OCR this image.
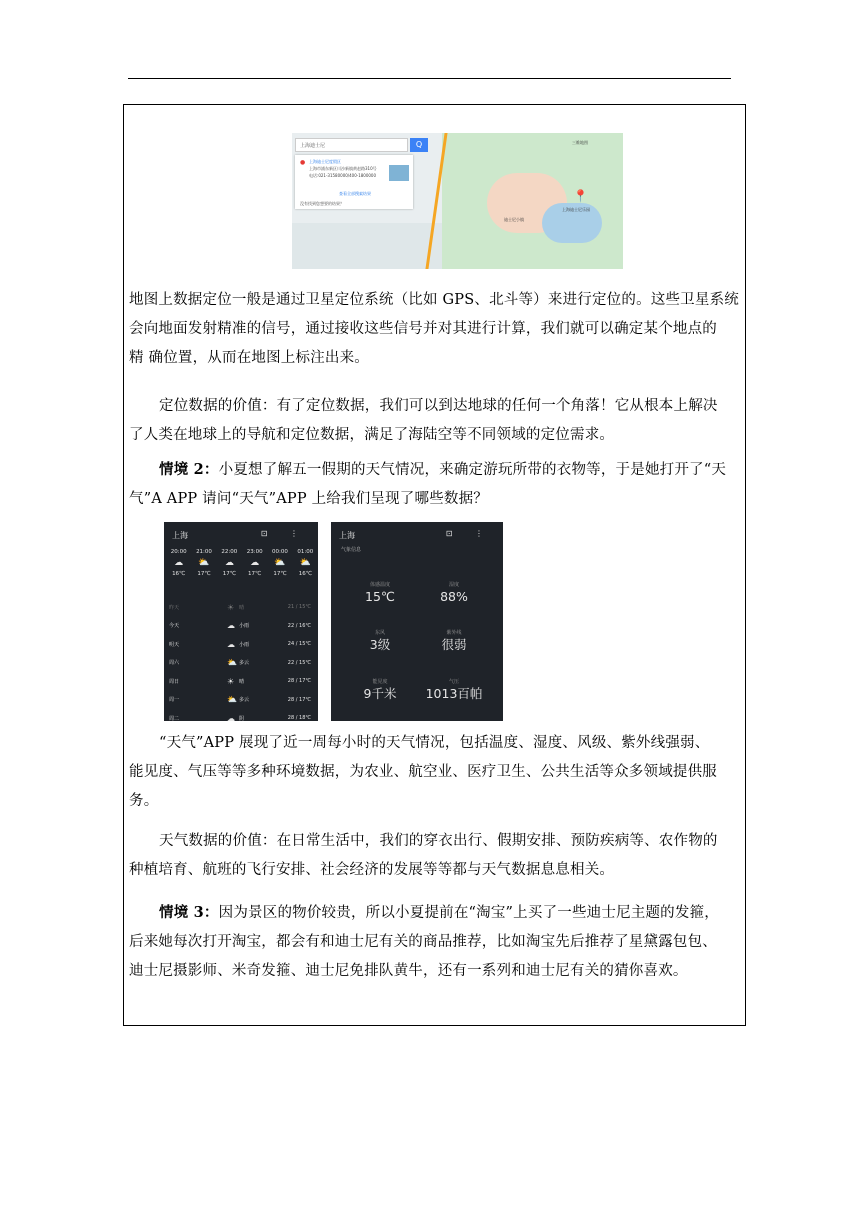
上海迪士尼	Q
● 上海迪士尼度假区
上海市浦东新区川沙新镇黄赵路310号
电话:021-31580000/400-1800000
查看全部搜索结果
没有找到您想要的结果？
三维地图
📍
上海迪士尼乐园
迪士尼小镇
地图上数据定位一般是通过卫星定位系统（比如 GPS、北斗等）来进行定位的。这些卫星系统
会向地面发射精准的信号，通过接收这些信号并对其进行计算，我们就可以确定某个地点的
精 确位置，从而在地图上标注出来。
定位数据的价值：有了定位数据，我们可以到达地球的任何一个角落！它从根本上解决
了人类在地球上的导航和定位数据，满足了海陆空等不同领域的定位需求。
情境 2：小夏想了解五一假期的天气情况，来确定游玩所带的衣物等，于是她打开了“天
气”A APP 请问“天气”APP 上给我们呈现了哪些数据？
上海	⊡ ⋮
20:00
☁
16℃
21:00
⛅
17℃
22:00
☁
17℃
23:00
☁
17℃
00:00
⛅
17℃
01:00
⛅
16℃
昨天	☀ 晴	21 / 15℃
今天	☁ 小雨	22 / 16℃
明天	☁ 小雨	24 / 15℃
周六	⛅ 多云	22 / 15℃
周日	☀ 晴	28 / 17℃
周一	⛅ 多云	28 / 17℃
周二	☁ 阴	28 / 18℃
上海	⊡ ⋮
气象信息
体感温度
15℃
湿度
88%
东风
3级
紫外线
很弱
能见度
9千米
气压
1013百帕
“天气”APP 展现了近一周每小时的天气情况，包括温度、湿度、风级、紫外线强弱、
能见度、气压等等多种环境数据，为农业、航空业、医疗卫生、公共生活等众多领域提供服
务。
天气数据的价值：在日常生活中，我们的穿衣出行、假期安排、预防疾病等、农作物的
种植培育、航班的飞行安排、社会经济的发展等等都与天气数据息息相关。
情境 3：因为景区的物价较贵，所以小夏提前在“淘宝”上买了一些迪士尼主题的发箍，
后来她每次打开淘宝，都会有和迪士尼有关的商品推荐，比如淘宝先后推荐了星黛露包包、
迪士尼摄影师、米奇发箍、迪士尼免排队黄牛，还有一系列和迪士尼有关的猜你喜欢。
